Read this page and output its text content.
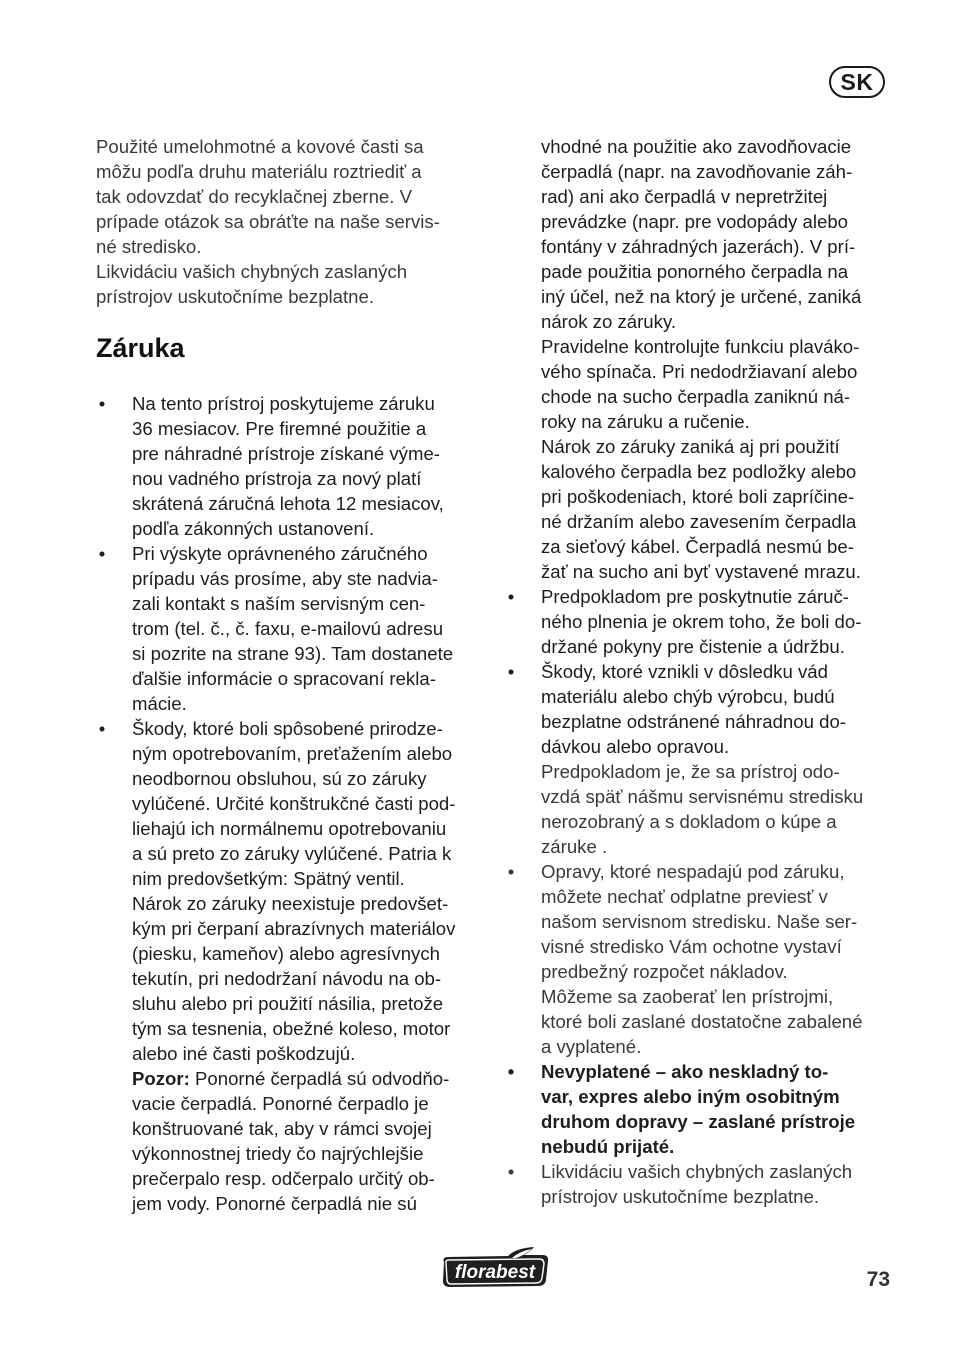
SK
Použité umelohmotné a kovové časti sa
môžu podľa druhu materiálu roztriediť a
tak odovzdať do recyklačnej zberne. V
prípade otázok sa obráťte na naše servis-
né stredisko.
Likvidáciu vašich chybných zaslaných
prístrojov uskutočníme bezplatne.
Záruka
• Na tento prístroj poskytujeme záruku
36 mesiacov. Pre firemné použitie a
pre náhradné prístroje získané výme-
nou vadného prístroja za nový platí
skrátená záručná lehota 12 mesiacov,
podľa zákonných ustanovení.
• Pri výskyte oprávneného záručného
prípadu vás prosíme, aby ste nadvia-
zali kontakt s naším servisným cen-
trom (tel. č., č. faxu, e-mailovú adresu
si pozrite na strane 93). Tam dostanete
ďalšie informácie o spracovaní rekla-
mácie.
• Škody, ktoré boli spôsobené prirodze-
ným opotrebovaním, preťažením alebo
neodbornou obsluhou, sú zo záruky
vylúčené. Určité konštrukčné časti pod-
liehajú ich normálnemu opotrebovaniu
a sú preto zo záruky vylúčené. Patria k
nim predovšetkým: Spätný ventil.
Nárok zo záruky neexistuje predovšet-
kým pri čerpaní abrazívnych materiálov
(piesku, kameňov) alebo agresívnych
tekutín, pri nedodržaní návodu na ob-
sluhu alebo pri použití násilia, pretože
tým sa tesnenia, obežné koleso, motor
alebo iné časti poškodzujú.
Pozor: Ponorné čerpadlá sú odvodňo-
vacie čerpadlá. Ponorné čerpadlo je
konštruované tak, aby v rámci svojej
výkonnostnej triedy čo najrýchlejšie
prečerpalo resp. odčerpalo určitý ob-
jem vody. Ponorné čerpadlá nie sú
vhodné na použitie ako zavodňovacie
čerpadlá (napr. na zavodňovanie záh-
rad) ani ako čerpadlá v nepretržitej
prevádzke (napr. pre vodopády alebo
fontány v záhradných jazerách). V prí-
pade použitia ponorného čerpadla na
iný účel, než na ktorý je určené, zaniká
nárok zo záruky.
Pravidelne kontrolujte funkciu plaváko-
vého spínača. Pri nedodržiavaní alebo
chode na sucho čerpadla zaniknú ná-
roky na záruku a ručenie.
Nárok zo záruky zaniká aj pri použití
kalového čerpadla bez podložky alebo
pri poškodeniach, ktoré boli zapríčine-
né držaním alebo zavesením čerpadla
za sieťový kábel. Čerpadlá nesmú be-
žať na sucho ani byť vystavené mrazu.
• Predpokladom pre poskytnutie záruč-
ného plnenia je okrem toho, že boli do-
držané pokyny pre čistenie a údržbu.
• Škody, ktoré vznikli v dôsledku vád
materiálu alebo chýb výrobcu, budú
bezplatne odstránené náhradnou do-
dávkou alebo opravou.
Predpokladom je, že sa prístroj odo-
vzdá späť nášmu servisnému stredisku
nerozobraný a s dokladom o kúpe a
záruke .
• Opravy, ktoré nespadajú pod záruku,
môžete nechať odplatne previesť v
našom servisnom stredisku. Naše ser-
visné stredisko Vám ochotne vystaví
predbežný rozpočet nákladov.
Môžeme sa zaoberať len prístrojmi,
ktoré boli zaslané dostatočne zabalené
a vyplatené.
• Nevyplatené – ako neskladný to-
var, expres alebo iným osobitným
druhom dopravy – zaslané prístroje
nebudú prijaté.
• Likvidáciu vašich chybných zaslaných
prístrojov uskutočníme bezplatne.
florabest	73
